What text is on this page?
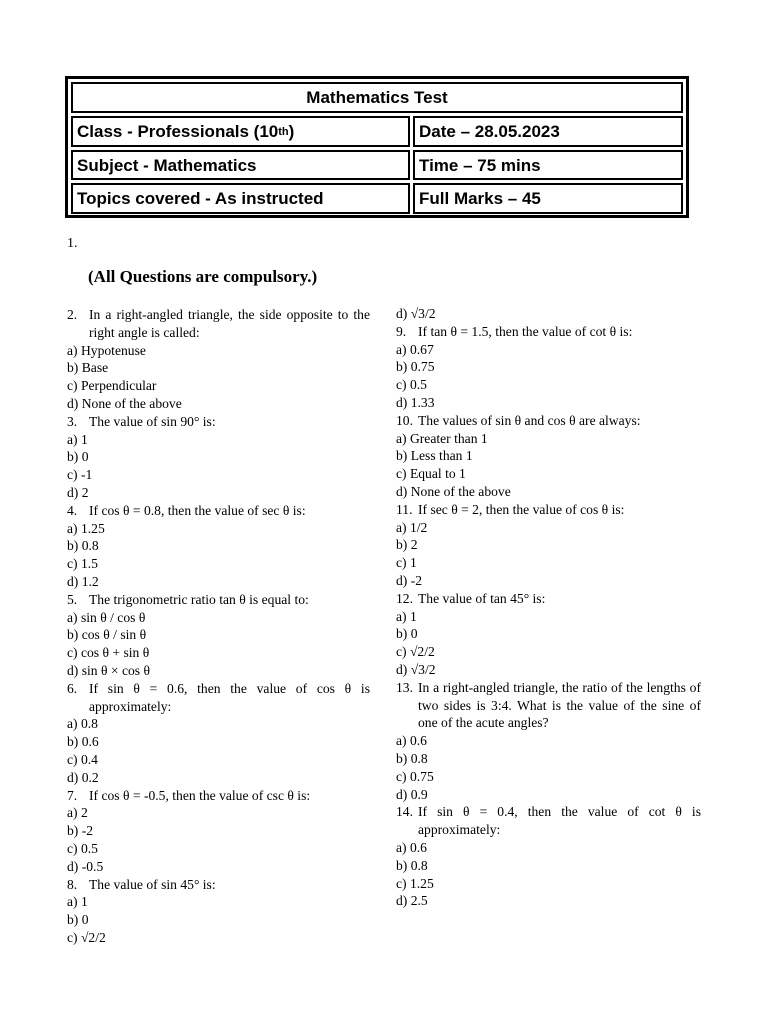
Mathematics Test
Class - Professionals (10 th )	Date – 28.05.2023
Subject - Mathematics	Time – 75 mins
Topics covered - As instructed	Full Marks – 45
1.
(All Questions are compulsory.)
2. In a right-angled triangle, the side opposite to the right angle is called:
a) Hypotenuse
b) Base
c) Perpendicular
d) None of the above
3. The value of sin 90° is:
a) 1
b) 0
c) -1
d) 2
4. If cos θ = 0.8, then the value of sec θ is:
a) 1.25
b) 0.8
c) 1.5
d) 1.2
5. The trigonometric ratio tan θ is equal to:
a) sin θ / cos θ
b) cos θ / sin θ
c) cos θ + sin θ
d) sin θ × cos θ
6. If sin θ = 0.6, then the value of cos θ is approximately:
a) 0.8
b) 0.6
c) 0.4
d) 0.2
7. If cos θ = -0.5, then the value of csc θ is:
a) 2
b) -2
c) 0.5
d) -0.5
8. The value of sin 45° is:
a) 1
b) 0
c) √2/2
d) √3/2
9. If tan θ = 1.5, then the value of cot θ is:
a) 0.67
b) 0.75
c) 0.5
d) 1.33
10. The values of sin θ and cos θ are always:
a) Greater than 1
b) Less than 1
c) Equal to 1
d) None of the above
11. If sec θ = 2, then the value of cos θ is:
a) 1/2
b) 2
c) 1
d) -2
12. The value of tan 45° is:
a) 1
b) 0
c) √2/2
d) √3/2
13. In a right-angled triangle, the ratio of the lengths of two sides is 3:4. What is the value of the sine of one of the acute angles?
a) 0.6
b) 0.8
c) 0.75
d) 0.9
14. If sin θ = 0.4, then the value of cot θ is approximately:
a) 0.6
b) 0.8
c) 1.25
d) 2.5
